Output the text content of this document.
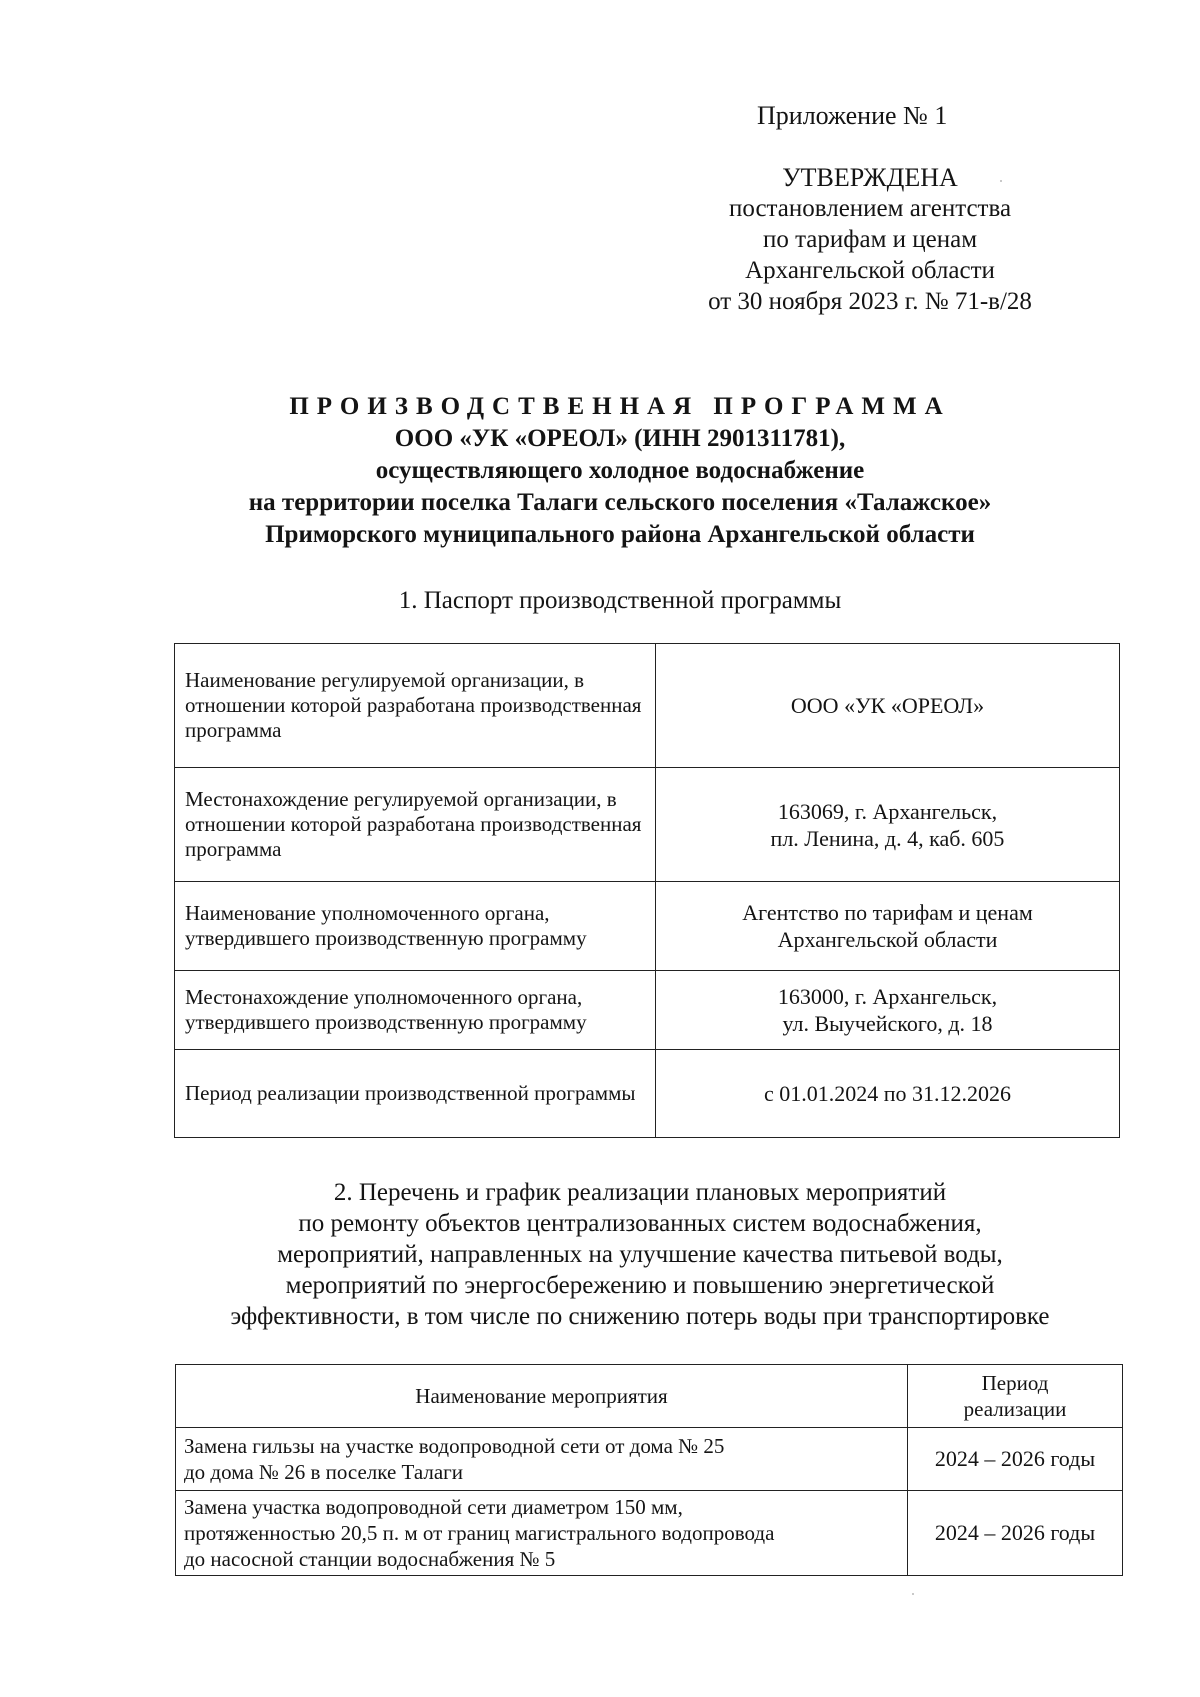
Приложение № 1
УТВЕРЖДЕНА
постановлением агентства
по тарифам и ценам
Архангельской области
от 30 ноября 2023 г. № 71-в/28
ПРОИЗВОДСТВЕННАЯ ПРОГРАММА
ООО «УК «ОРЕОЛ» (ИНН 2901311781),
осуществляющего холодное водоснабжение
на территории поселка Талаги сельского поселения «Талажское»
Приморского муниципального района Архангельской области
1. Паспорт производственной программы
Наименование регулируемой организации, в отношении которой разработана производственная программа	ООО «УК «ОРЕОЛ»
Местонахождение регулируемой организации, в отношении которой разработана производственная программа	163069, г. Архангельск,
пл. Ленина, д. 4, каб. 605
Наименование уполномоченного органа, утвердившего производственную программу	Агентство по тарифам и ценам
Архангельской области
Местонахождение уполномоченного органа, утвердившего производственную программу	163000, г. Архангельск,
ул. Выучейского, д. 18
Период реализации производственной программы	с 01.01.2024 по 31.12.2026
2. Перечень и график реализации плановых мероприятий
по ремонту объектов централизованных систем водоснабжения,
мероприятий, направленных на улучшение качества питьевой воды,
мероприятий по энергосбережению и повышению энергетической
эффективности, в том числе по снижению потерь воды при транспортировке
Наименование мероприятия	Период
реализации
Замена гильзы на участке водопроводной сети от дома № 25
до дома № 26 в поселке Талаги	2024 – 2026 годы
Замена участка водопроводной сети диаметром 150 мм,
протяженностью 20,5 п. м от границ магистрального водопровода
до насосной станции водоснабжения № 5	2024 – 2026 годы
